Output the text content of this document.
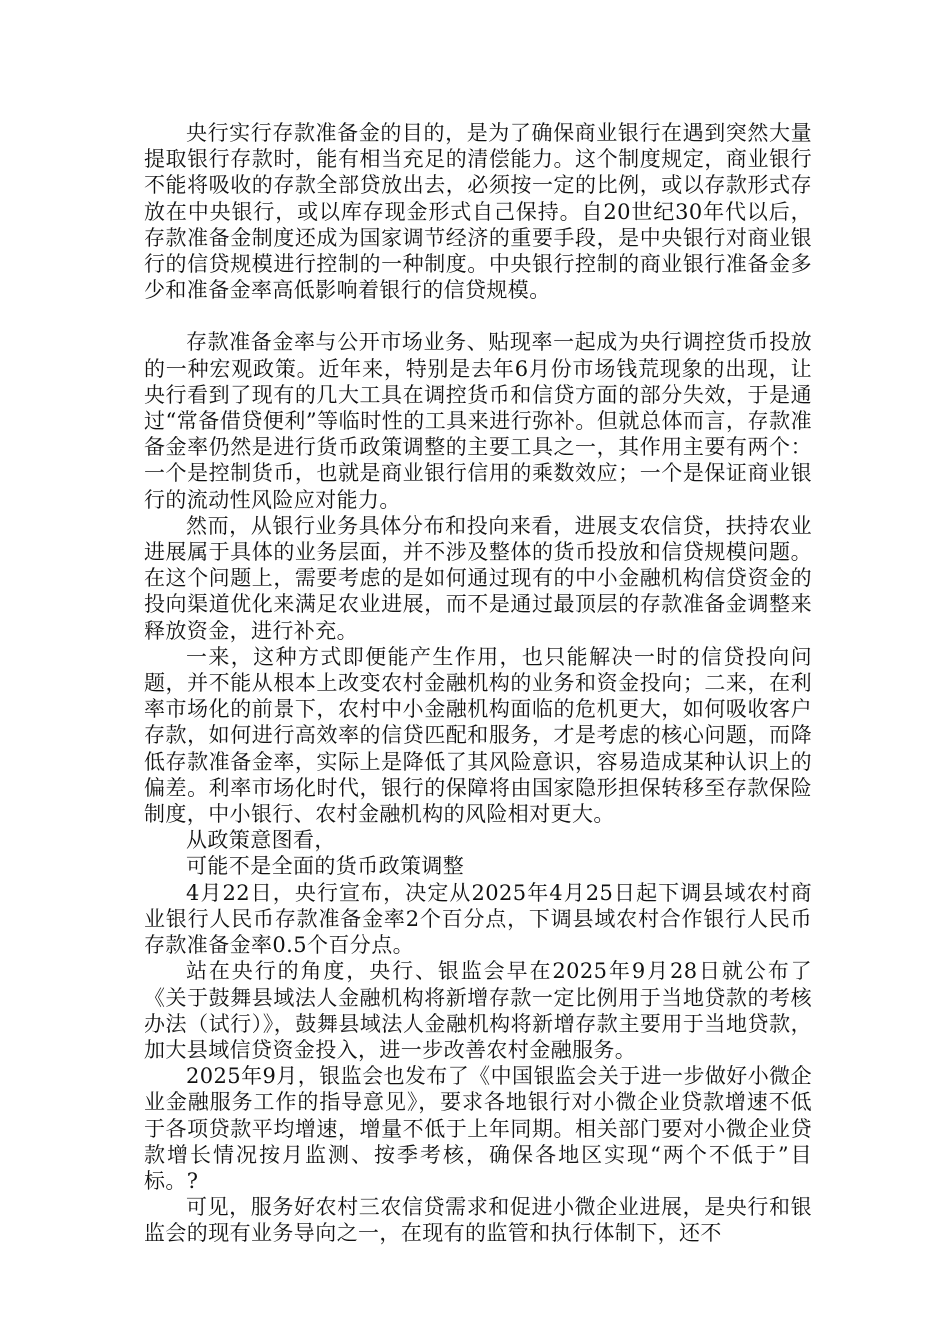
央行实行存款准备金的目的，是为了确保商业银行在遇到突然大量提取银行存款时，能有相当充足的清偿能力。这个制度规定，商业银行不能将吸收的存款全部贷放出去，必须按一定的比例，或以存款形式存放在中央银行，或以库存现金形式自己保持。自20世纪30年代以后，存款准备金制度还成为国家调节经济的重要手段，是中央银行对商业银行的信贷规模进行控制的一种制度。中央银行控制的商业银行准备金多少和准备金率高低影响着银行的信贷规模。

存款准备金率与公开市场业务、贴现率一起成为央行调控货币投放的一种宏观政策。近年来，特别是去年6月份市场钱荒现象的出现，让央行看到了现有的几大工具在调控货币和信贷方面的部分失效，于是通过“常备借贷便利”等临时性的工具来进行弥补。但就总体而言，存款准备金率仍然是进行货币政策调整的主要工具之一，其作用主要有两个：一个是控制货币，也就是商业银行信用的乘数效应；一个是保证商业银行的流动性风险应对能力。

然而，从银行业务具体分布和投向来看，进展支农信贷，扶持农业进展属于具体的业务层面，并不涉及整体的货币投放和信贷规模问题。在这个问题上，需要考虑的是如何通过现有的中小金融机构信贷资金的投向渠道优化来满足农业进展，而不是通过最顶层的存款准备金调整来释放资金，进行补充。

一来，这种方式即便能产生作用，也只能解决一时的信贷投向问题，并不能从根本上改变农村金融机构的业务和资金投向；二来，在利率市场化的前景下，农村中小金融机构面临的危机更大，如何吸收客户存款，如何进行高效率的信贷匹配和服务，才是考虑的核心问题，而降低存款准备金率，实际上是降低了其风险意识，容易造成某种认识上的偏差。利率市场化时代，银行的保障将由国家隐形担保转移至存款保险制度，中小银行、农村金融机构的风险相对更大。

从政策意图看，

可能不是全面的货币政策调整

4月22日，央行宣布，决定从2025年4月25日起下调县域农村商业银行人民币存款准备金率2个百分点，下调县域农村合作银行人民币存款准备金率0.5个百分点。

站在央行的角度，央行、银监会早在2025年9月28日就公布了《关于鼓舞县域法人金融机构将新增存款一定比例用于当地贷款的考核办法（试行）》，鼓舞县域法人金融机构将新增存款主要用于当地贷款，加大县域信贷资金投入，进一步改善农村金融服务。

2025年9月，银监会也发布了《中国银监会关于进一步做好小微企业金融服务工作的指导意见》，要求各地银行对小微企业贷款增速不低于各项贷款平均增速，增量不低于上年同期。相关部门要对小微企业贷款增长情况按月监测、按季考核，确保各地区实现“两个不低于”目标。?

可见，服务好农村三农信贷需求和促进小微企业进展，是央行和银监会的现有业务导向之一，在现有的监管和执行体制下，还不
